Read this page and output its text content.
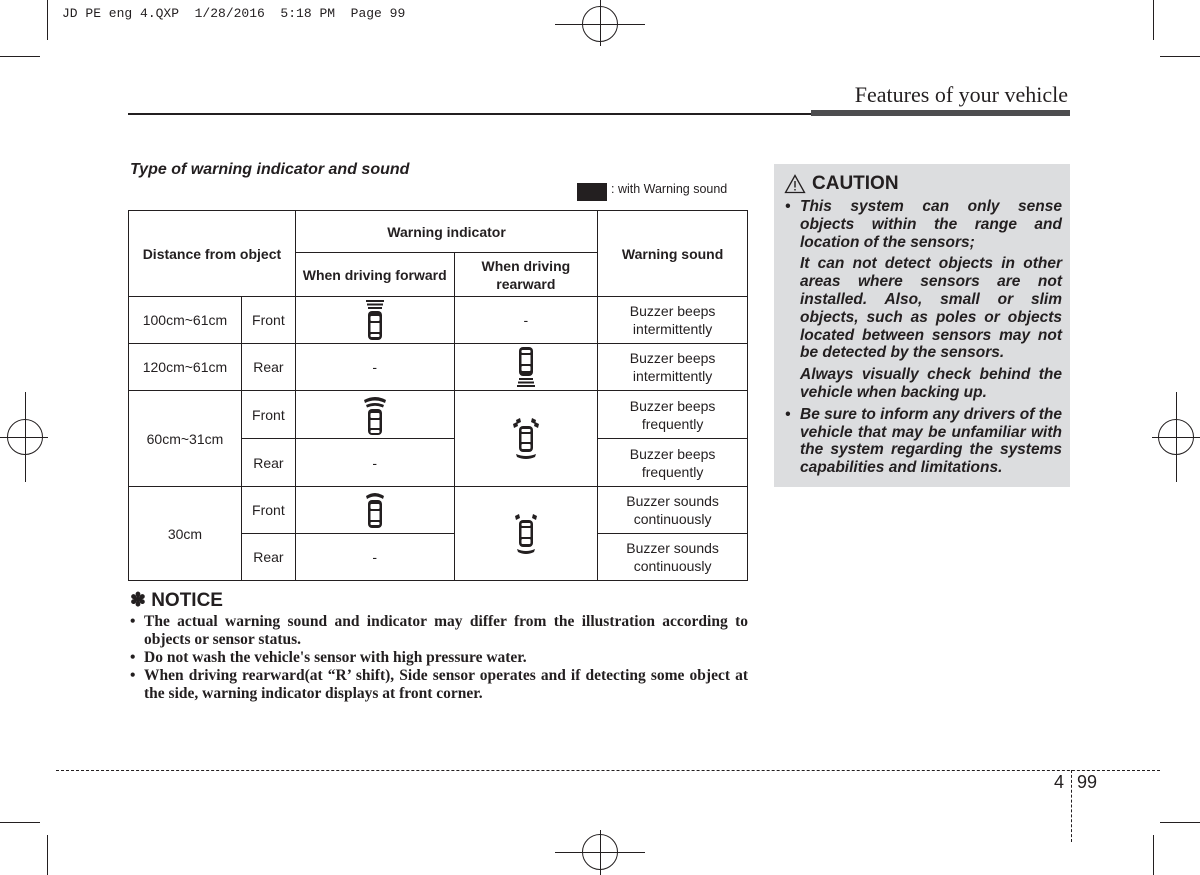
JD PE eng 4.QXP  1/28/2016  5:18 PM  Page 99
Features of your vehicle
Type of warning indicator and sound
: with Warning sound
Distance from object		Warning indicator		Warning sound
		When driving forward	When driving rearward	
100cm~61cm	Front		-	Buzzer beeps intermittently
120cm~61cm	Rear	-		Buzzer beeps intermittently
60cm~31cm	Front			Buzzer beeps frequently
	Rear	-		Buzzer beeps frequently
30cm	Front			Buzzer sounds continuously
	Rear	-		Buzzer sounds continuously
✽ NOTICE
• The actual warning sound and indicator may differ from the illustration according to objects or sensor status.
• Do not wash the vehicle's sensor with high pressure water.
• When driving rearward(at “R’ shift), Side sensor operates and if detecting some object at the side, warning indicator displays at front corner.
CAUTION

• This system can only sense objects within the range and location of the sensors;

It can not detect objects in other areas where sensors are not installed. Also, small or slim objects, such as poles or objects located between sensors may not be detected by the sensors.

Always visually check behind the vehicle when backing up.

• Be sure to inform any drivers of the vehicle that may be unfamiliar with the system regarding the systems capabilities and limitations.

4 99
